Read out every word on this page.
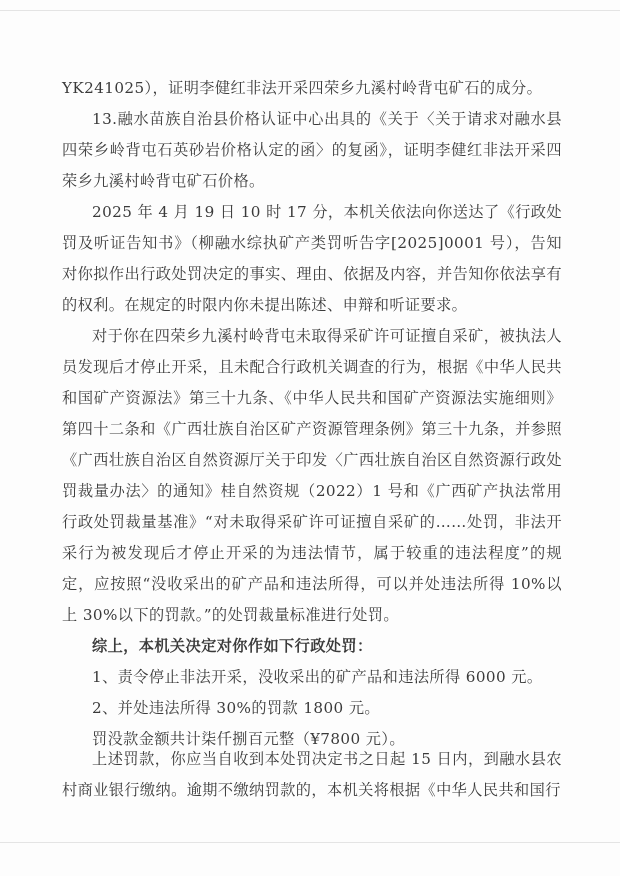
YK241025），证明李健红非法开采四荣乡九溪村岭背屯矿石的成分。

13.融水苗族自治县价格认证中心出具的《关于〈关于请求对融水县四荣乡岭背屯石英砂岩价格认定的函〉的复函》，证明李健红非法开采四荣乡九溪村岭背屯矿石价格。

2025 年 4 月 19 日 10 时 17 分，本机关依法向你送达了《行政处罚及听证告知书》（柳融水综执矿产类罚听告字[2025]0001 号），告知对你拟作出行政处罚决定的事实、理由、依据及内容，并告知你依法享有的权利。在规定的时限内你未提出陈述、申辩和听证要求。

对于你在四荣乡九溪村岭背屯未取得采矿许可证擅自采矿，被执法人员发现后才停止开采，且未配合行政机关调查的行为，根据《中华人民共和国矿产资源法》第三十九条、《中华人民共和国矿产资源法实施细则》第四十二条和《广西壮族自治区矿产资源管理条例》第三十九条，并参照《广西壮族自治区自然资源厅关于印发〈广西壮族自治区自然资源行政处罚裁量办法〉的通知》桂自然资规（2022）1 号和《广西矿产执法常用行政处罚裁量基准》“对未取得采矿许可证擅自采矿的……处罚，非法开采行为被发现后才停止开采的为违法情节，属于较重的违法程度”的规定，应按照“没收采出的矿产品和违法所得，可以并处违法所得 10%以上 30%以下的罚款。”的处罚裁量标准进行处罚。

综上，本机关决定对你作如下行政处罚：

1、责令停止非法开采，没收采出的矿产品和违法所得 6000 元。

2、并处违法所得 30%的罚款 1800 元。

罚没款金额共计柒仟捌百元整（¥7800 元）。

上述罚款，你应当自收到本处罚决定书之日起 15 日内，到融水县农村商业银行缴纳。逾期不缴纳罚款的，本机关将根据《中华人民共和国行
